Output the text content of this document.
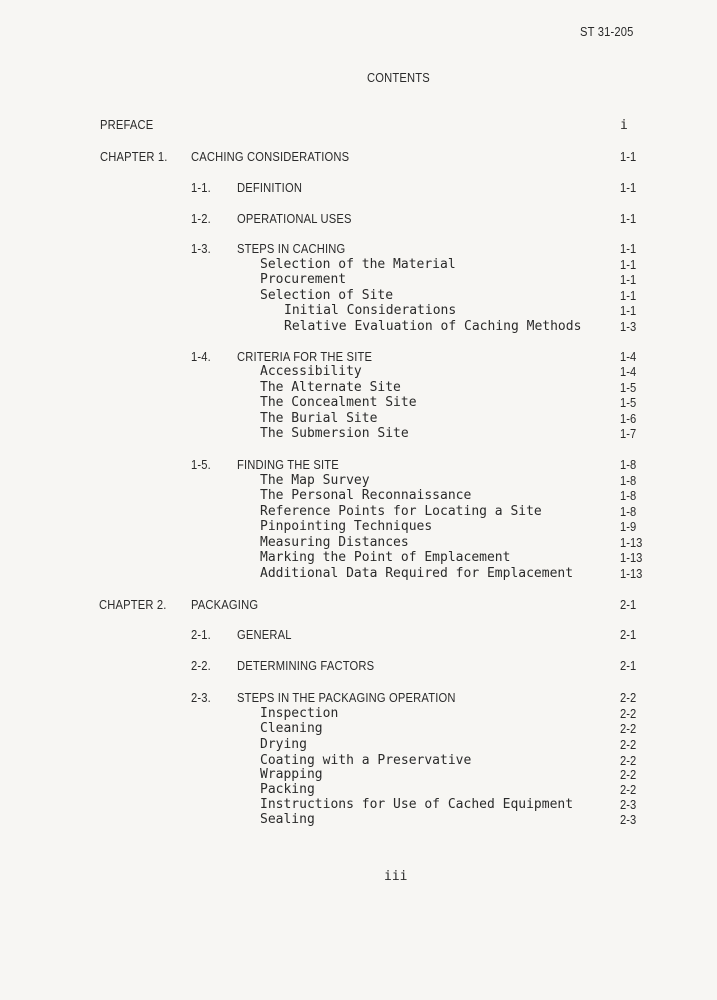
ST 31-205
CONTENTS
PREFACE	i
CHAPTER 1. CACHING CONSIDERATIONS	1-1
1-1. DEFINITION	1-1
1-2. OPERATIONAL USES	1-1
1-3. STEPS IN CACHING	1-1
Selection of the Material	1-1
Procurement	1-1
Selection of Site	1-1
Initial Considerations	1-1
Relative Evaluation of Caching Methods	1-3
1-4. CRITERIA FOR THE SITE	1-4
Accessibility	1-4
The Alternate Site	1-5
The Concealment Site	1-5
The Burial Site	1-6
The Submersion Site	1-7
1-5. FINDING THE SITE	1-8
The Map Survey	1-8
The Personal Reconnaissance	1-8
Reference Points for Locating a Site	1-8
Pinpointing Techniques	1-9
Measuring Distances	1-13
Marking the Point of Emplacement	1-13
Additional Data Required for Emplacement	1-13
CHAPTER 2. PACKAGING	2-1
2-1. GENERAL	2-1
2-2. DETERMINING FACTORS	2-1
2-3. STEPS IN THE PACKAGING OPERATION	2-2
Inspection	2-2
Cleaning	2-2
Drying	2-2
Coating with a Preservative	2-2
Wrapping	2-2
Packing	2-2
Instructions for Use of Cached Equipment	2-3
Sealing	2-3
iii
